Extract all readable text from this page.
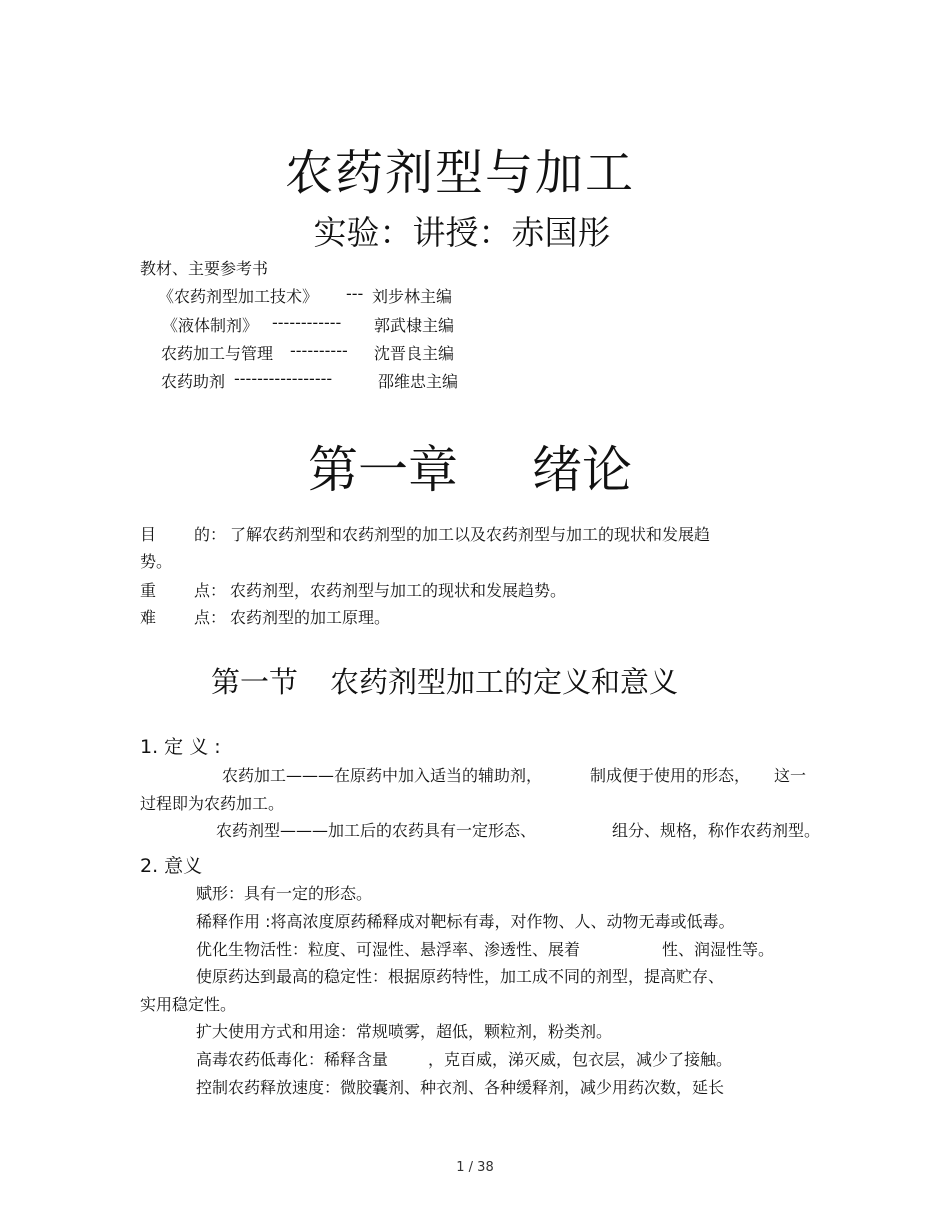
农药剂型与加工
实验：讲授：赤国彤
教材、主要参考书
《农药剂型加工技术》 --- 刘步林主编
《液体制剂》 ------------ 郭武棣主编
农药加工与管理 ---------- 沈晋良主编
农药助剂 -----------------	邵维忠主编
第一章 绪论
目 的： 了解农药剂型和农药剂型的加工以及农药剂型与加工的现状和发展趋
势。
重 点： 农药剂型，农药剂型与加工的现状和发展趋势。
难 点： 农药剂型的加工原理。
第一节 农药剂型加工的定义和意义
1. 定 义 :
农药加工———在原药中加入适当的辅助剂，	制成便于使用的形态， 这一
过程即为农药加工。
农药剂型———加工后的农药具有一定形态、	组分、规格，称作农药剂型。
2. 意义
赋形：具有一定的形态。
稀释作用 :将高浓度原药稀释成对靶标有毒，对作物、人、动物无毒或低毒。
优化生物活性：粒度、可湿性、悬浮率、渗透性、展着	性、润湿性等。
使原药达到最高的稳定性：根据原药特性，加工成不同的剂型，提高贮存、
实用稳定性。
扩大使用方式和用途：常规喷雾，超低，颗粒剂，粉类剂。
高毒农药低毒化：稀释含量 ，克百威，涕灭威，包衣层，减少了接触。
控制农药释放速度：微胶囊剂、种衣剂、各种缓释剂，减少用药次数，延长
1 / 38
